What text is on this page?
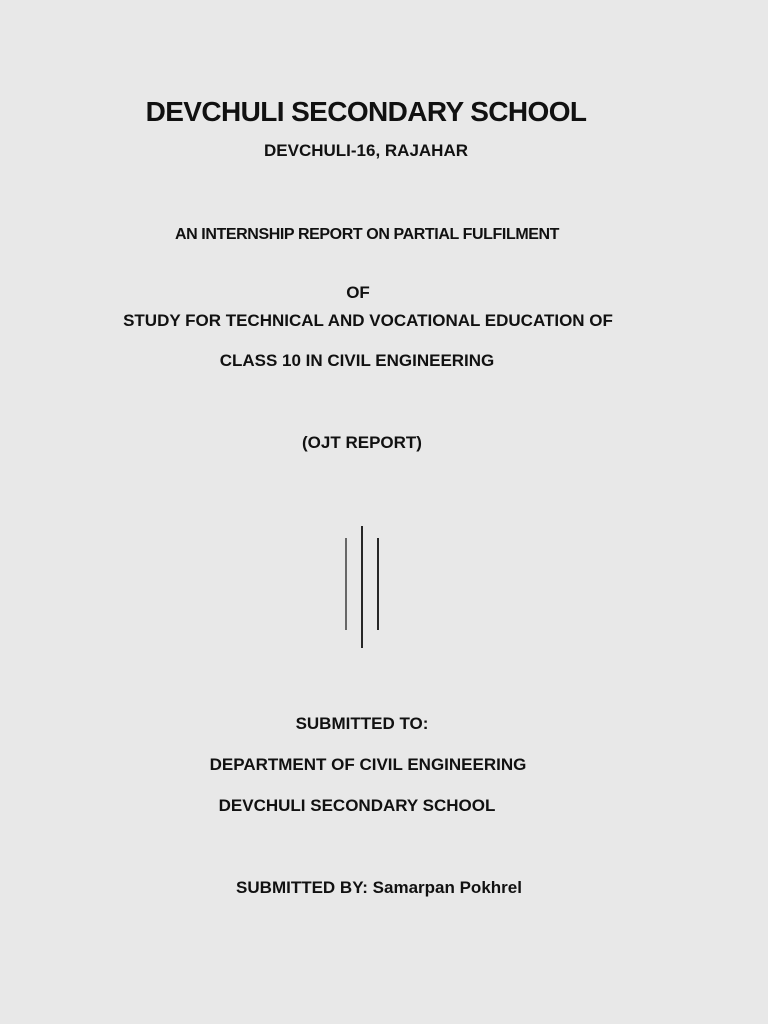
DEVCHULI SECONDARY SCHOOL

DEVCHULI-16, RAJAHAR

AN INTERNSHIP REPORT ON PARTIAL FULFILMENT

OF

STUDY FOR TECHNICAL AND VOCATIONAL EDUCATION OF

CLASS 10 IN CIVIL ENGINEERING

(OJT REPORT)

SUBMITTED TO:

DEPARTMENT OF CIVIL ENGINEERING

DEVCHULI SECONDARY SCHOOL

SUBMITTED BY: Samarpan Pokhrel
